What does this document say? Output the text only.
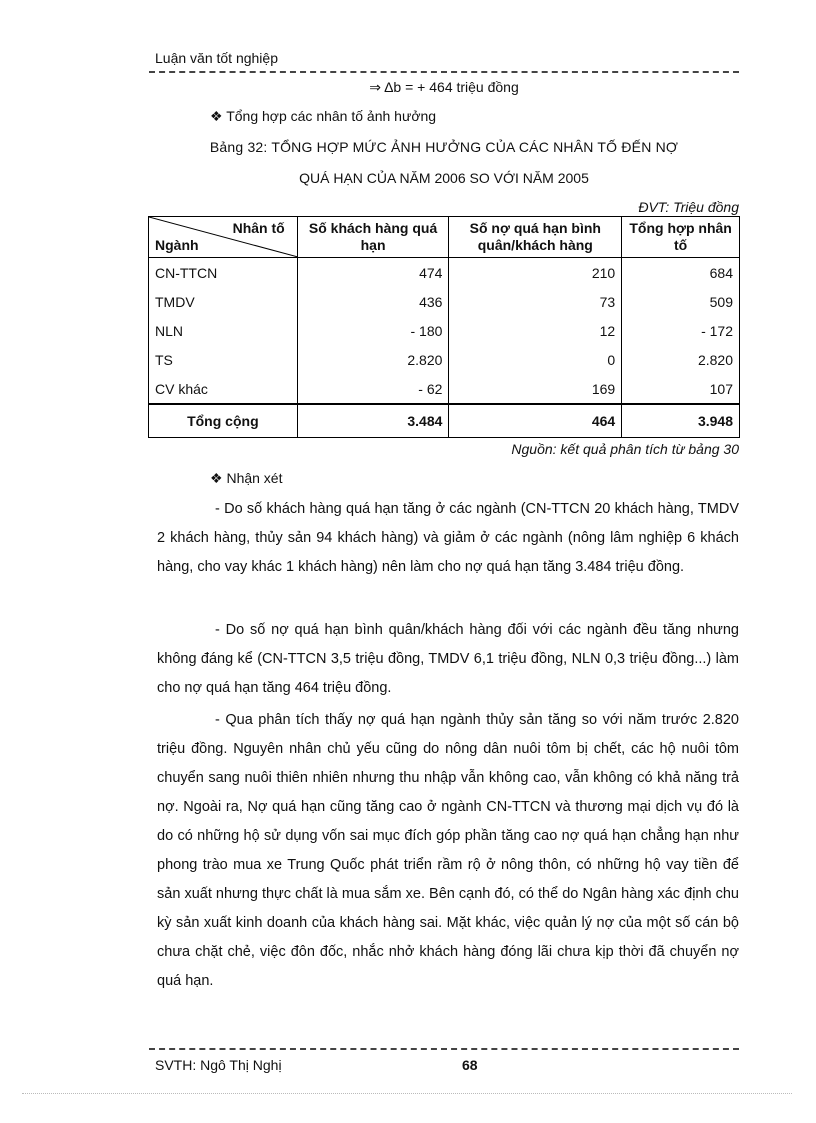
Luận văn tốt nghiệp
⇒ Δb = + 464 triệu đồng
❖ Tổng hợp các nhân tố ảnh hưởng
Bảng 32: TỔNG HỢP MỨC ẢNH HƯỞNG CỦA CÁC NHÂN TỐ ĐẾN NỢ
QUÁ HẠN CỦA NĂM 2006 SO VỚI NĂM 2005
ĐVT: Triệu đồng
Nhân tố
Ngành	Số khách hàng quá hạn	Số nợ quá hạn bình quân/khách hàng	Tổng hợp nhân tố
CN-TTCN	474	210	684
TMDV	436	73	509
NLN	- 180	12	- 172
TS	2.820	0	2.820
CV khác	- 62	169	107
Tổng cộng	3.484	464	3.948
Nguồn: kết quả phân tích từ bảng 30
❖ Nhận xét
- Do số khách hàng quá hạn tăng ở các ngành (CN-TTCN 20 khách hàng, TMDV 2 khách hàng, thủy sản 94 khách hàng) và giảm ở các ngành (nông lâm nghiệp 6 khách hàng, cho vay khác 1 khách hàng) nên làm cho nợ quá hạn tăng 3.484 triệu đồng.
- Do số nợ quá hạn bình quân/khách hàng đối với các ngành đều tăng nhưng không đáng kể (CN-TTCN 3,5 triệu đồng, TMDV 6,1 triệu đồng, NLN 0,3 triệu đồng...) làm cho nợ quá hạn tăng 464 triệu đồng.
- Qua phân tích thấy nợ quá hạn ngành thủy sản tăng so với năm trước 2.820 triệu đồng. Nguyên nhân chủ yếu cũng do nông dân nuôi tôm bị chết, các hộ nuôi tôm chuyển sang nuôi thiên nhiên nhưng thu nhập vẫn không cao, vẫn không có khả năng trả nợ. Ngoài ra, Nợ quá hạn cũng tăng cao ở ngành CN-TTCN và thương mại dịch vụ đó là do có những hộ sử dụng vốn sai mục đích góp phần tăng cao nợ quá hạn chẳng hạn như phong trào mua xe Trung Quốc phát triển rầm rộ ở nông thôn, có những hộ vay tiền để sản xuất nhưng thực chất là mua sắm xe. Bên cạnh đó, có thể do Ngân hàng xác định chu kỳ sản xuất kinh doanh của khách hàng sai. Mặt khác, việc quản lý nợ của một số cán bộ chưa chặt chẻ, việc đôn đốc, nhắc nhở khách hàng đóng lãi chưa kịp thời đã chuyển nợ quá hạn.
SVTH: Ngô Thị Nghị	68
